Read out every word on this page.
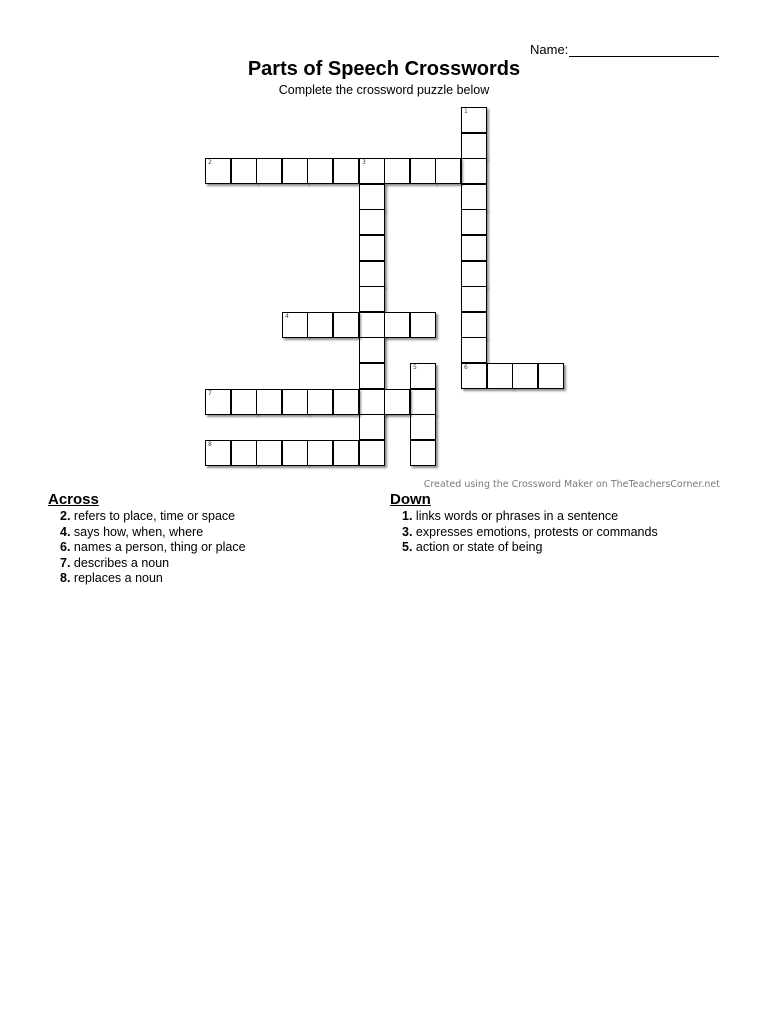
Name:
Parts of Speech Crosswords
Complete the crossword puzzle below
1
6
2	3
4
5
7
8
Created using the Crossword Maker on TheTeachersCorner.net
Across
2. refers to place, time or space
4. says how, when, where
6. names a person, thing or place
7. describes a noun
8. replaces a noun
Down
1. links words or phrases in a sentence
3. expresses emotions, protests or commands
5. action or state of being
